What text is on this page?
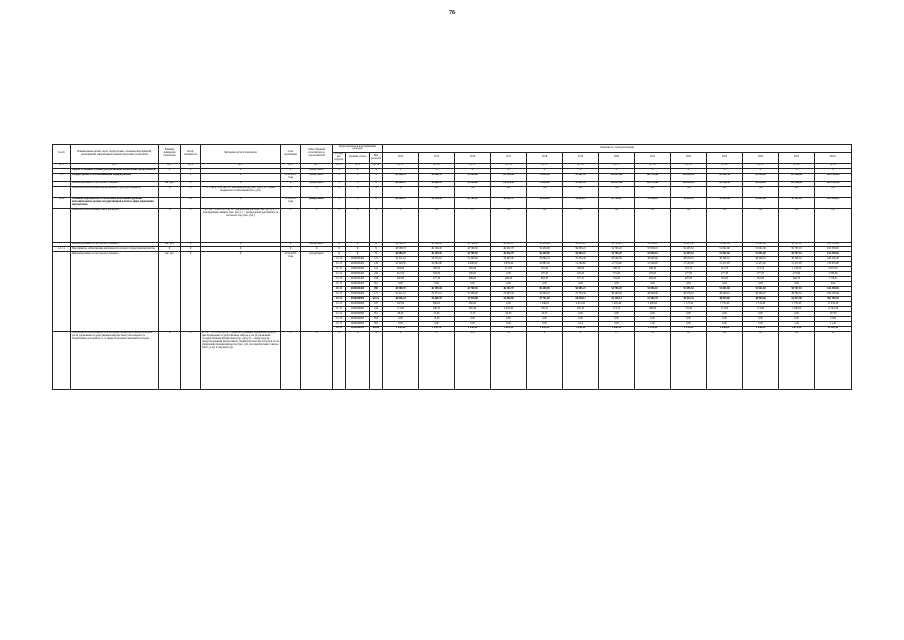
76
№ п/п	Наименование целей, задач, подпрограмм, основных мероприятий, мероприятий, направленных ценных программ, показателей	Единица измерения показателя	Коэф. значимости	Методика расчета показателя	Срок реализации	Ответственный исполнитель и соисполнители	Коды бюджетной классификации расходов			Значение по годам реализации													
							По ряд рас. подразд.	Целевая статья	Вид расходов	2014	2015	2016	2017	2018	2019	2020	2021	2022	2023	2024	2025	Итого	
гр. 1	гр. 2	гр. 3	гр. 4	гр. 5	гр. 6	гр. 7	гр. 8	гр. 9	гр. 10	гр. 11	гр. 12	гр. 13	гр. 14	гр. 15	гр. 16	гр. 17	гр. 18	гр. 19	гр. 20	гр. 21	гр. 22	гр. 23	
	Задача «Создание условий для реализации полномочий Департамента»	X	X	X	X	Департамент	X	X	X	X	X	X	X	X	X	X	X	X	X	X	X	X	
1.1.	Подпрограмма «Обеспечивающая подпрограмма»		1	X	2014-2025 годы	Департамент	X	X	X	48 508,70	50 660,35	59 305,60	63 553,30	72 811,00	92 567,95	104 207,60	102 972,80	104 029,10	89 542,30	90 339,00	112 666,90	1031 425,20	
	Финансирование за счет прочего бюджета	тыс. руб.	X	X	X	Департамент	X	X	X	48 508,70	50 660,35	59 305,60	63 553,30	72 811,00	92 567,95	104 207,60	102 972,80	104 029,10	89 542,30	90 339,00	112 666,90	1031 425,20	
	Показатель «Исполнение ведомственной структуры бюджета»	%	X	П = ∆Б/Р×100, где: А – кассовый расход (тыс. руб.); Б – объем бюджетных ассигнований (тыс. руб.)	X	X	X	X	X	X	100	100	100	100	100	100	100	100	100	100	100	100	
1.2.1.	Основное мероприятие «Обеспечение исполнения функций исполнительного органа государственной власти в сфере управления имуществом»		0.6	X	2014-2025 годы	Департамент	X	X	X	48 508,70	46 199,40	43 769,50	46 452,70	50 450,90	56 083,21	54 705,20	53 056,10	52 455,52	51 041,60	51 041,60	50 767,10	613 358,65	
	Показатель «Исполнение сметы расходов»	%	X	К = (А + С)/Б×100, где: А – фактические расходы (тыс. руб.); Б – утвержденные лимиты (тыс. руб.); С – кредиторская задолженность на начало года (тыс. руб.)	X	X	X	X	X	X	100	97	100	100	100	100	100	100	100	100	100	100	
	Финансирование за счет прочего бюджета	тыс. руб.	X	X	X	Департамент	X	X	X	48 508,70	46 199,40	43 769,50	46 452,70	50 450,90	56 083,21	54 705,20	53 056,10	52 455,52	51 041,60	51 041,60	50 767,10	613 358,65	
1.2.1.1.	Мероприятие «Обеспечение деятельности органа государственной власти»	X	X	X	X	X	X	X	X	48 508,70	46 199,40	43 769,50	46 452,70	50 450,90	56 083,21	54 705,20	53 056,10	52 455,52	51 041,60	51 041,60	50 767,10	613 358,65	
	Финансирование за счет прочего бюджета	тыс. руб.	X	X	2014-2025 годы	Департамент	X	X	X	48 508,70	46 199,40	43 769,50	46 452,70	50 450,90	56 083,21	54 705,20	53 056,10	52 455,52	51 041,60	51 041,60	50 767,10	613 358,65	
							01 13	0020020400	121	32 311,10	33 373,10	31 300,00	33 497,00	35 864,10	37 334,30	38 509,30	38 000,00	38 079,10	38 309,10	38 309,10	38 309,10	430 259,40	
							01 13	0020020400	129	10 348,50	10 082,00	9 200,00	9 976,40	10 885,30	11 284,60	11 713,00	11 526,00	11 505,00	11 471,00	11 471,00	11 471,00	130 933,80	
							01 13	0020020400	122	404,00	300,00	305,00	311,00	391,20	350,00	356,70	346,30	331,70	311,70	311,70	1 156,50	4 875,50	
							01 13	0020020400	242	412,50	350,00	300,00	0,00	270,40	225,00	373,40	270,00	277,30	277,30	277,30	273,60	3 306,80	
							01 13	0020020400	244	950,60	477,30	906,00	498,40	803,30	377,21	716,00	616,00	497,00	391,00	391,00	494,70	7 118,51	
							01 13	0020020400	851	0,00	0,00	0,00	0,00	0,00	0,00	0,00	0,00	0,00	0,00	0,00	0,00	0,00	
							01 13	0020020400	850	48 508,70	46 199,40	43 769,50	46 452,70	50 450,90	56 083,21	54 705,20	53 056,10	52 455,52	51 041,60	51 041,60	50 767,10	613 358,65	
							01 13	0020020400	121	32 311,10	33 373,10	31 300,00	33 497,00	35 864,10	37 334,30	38 509,30	38 000,00	38 079,10	38 309,10	38 309,10	38 309,10	430 259,40	
							01 13	0020040900	итого	46 946,22	44 666,78	41 910,88	43 830,50	47 751,60	50 550,11	52 245,13	51 562,70	49 023,32	48 945,60	48 945,60	54 027,00	581 309,05	
							01 13	0020040900	247	947,00	836,05	950,00	0,00	1 046,05	4 415,95	1 605,43	1 000,60	1 773,50	1 776,43	1 776,43	1 776,43	11 916,34	
							01 13	0020040900	244	711,60	640,70	905,40	2 402,80	765,25	455,25	511,70	566,80	731,20	711,60	711,60	1 590,60	12 501,20	
							01 13	0020040900	851	66,00	25,00	11,50	20,00	24,35	0,00	0,00	0,00	0,00	0,00	0,00	0,00	157,85	
							01 13	0020040900	852	0,00	13,00	0,00	0,00	0,00	0,00	0,00	0,00	0,00	0,00	0,00	0,00	13,00	
							01 13	0020040900	853	0,00	0,00	0,00	0,00	0,00	0,14	0,00	1,00	0,00	0,00	0,00	1,00	11,40	
							01 13	0020040900	итого	1 642,48	1 532,70	1 858,56	2 622,20	2 699,30	5 530,10	2 460,10	2 353,40	2 335,20	2 096,00	2 096,00	4 679,50	32 023,90	
	Показатель «Результативность исполнения бюджетной сметы расходов в части управления государственным имуществом (обеспеченность бюджетными доходами) в % от предусмотренных значений расходов»	%	X	К = А × Г/Б×100, где: А – сумма поступивших бюджетных средств при проведении государственных закупок в части управления государственным имуществом (тыс. руб.); Б – объем средств, предусмотренный Департаменту бюджетной сметой расходов в части управления правами имущества (тыс. руб.) на приобретение товаров, работ, услуг в текущем году	X	X	X	X	X	X	15	5,32	16	0	0	5,7	16	29	29	29	29	29	
